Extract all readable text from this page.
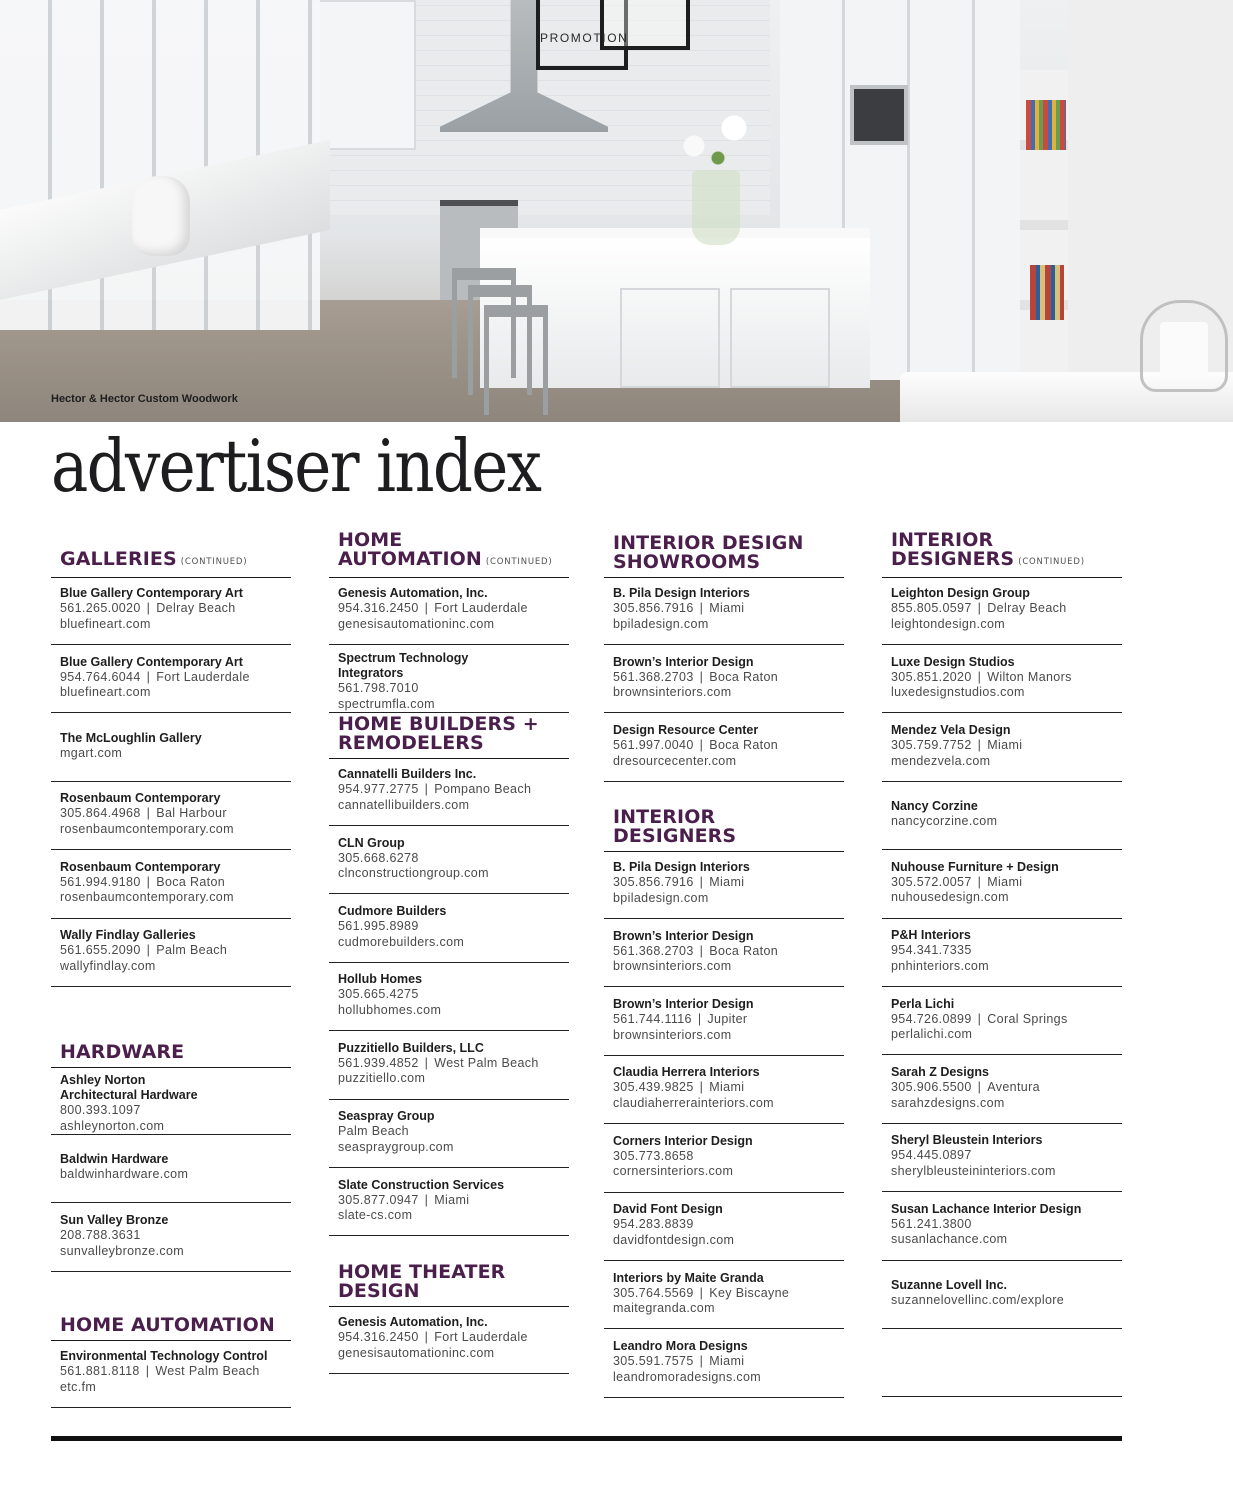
PROMOTION
Hector & Hector Custom Woodwork
advertiser index
GALLERIES (CONTINUED)
Blue Gallery Contemporary Art
561.265.0020 | Delray Beach
bluefineart.com
Blue Gallery Contemporary Art
954.764.6044 | Fort Lauderdale
bluefineart.com
The McLoughlin Gallery
mgart.com
Rosenbaum Contemporary
305.864.4968 | Bal Harbour
rosenbaumcontemporary.com
Rosenbaum Contemporary
561.994.9180 | Boca Raton
rosenbaumcontemporary.com
Wally Findlay Galleries
561.655.2090 | Palm Beach
wallyfindlay.com
HARDWARE
Ashley Norton
Architectural Hardware
800.393.1097
ashleynorton.com
Baldwin Hardware
baldwinhardware.com
Sun Valley Bronze
208.788.3631
sunvalleybronze.com
HOME AUTOMATION
Environmental Technology Control
561.881.8118 | West Palm Beach
etc.fm
HOME
AUTOMATION (CONTINUED)
Genesis Automation, Inc.
954.316.2450 | Fort Lauderdale
genesisautomationinc.com
Spectrum Technology
Integrators
561.798.7010
spectrumfla.com
HOME BUILDERS +
REMODELERS
Cannatelli Builders Inc.
954.977.2775 | Pompano Beach
cannatellibuilders.com
CLN Group
305.668.6278
clnconstructiongroup.com
Cudmore Builders
561.995.8989
cudmorebuilders.com
Hollub Homes
305.665.4275
hollubhomes.com
Puzzitiello Builders, LLC
561.939.4852 | West Palm Beach
puzzitiello.com
Seaspray Group
Palm Beach
seasprаygroup.com
Slate Construction Services
305.877.0947 | Miami
slate-cs.com
HOME THEATER
DESIGN
Genesis Automation, Inc.
954.316.2450 | Fort Lauderdale
genesisautomationinc.com
INTERIOR DESIGN
SHOWROOMS
B. Pila Design Interiors
305.856.7916 | Miami
bpiladesign.com
Brown’s Interior Design
561.368.2703 | Boca Raton
brownsinteriors.com
Design Resource Center
561.997.0040 | Boca Raton
dresourcecenter.com
INTERIOR DESIGNERS
B. Pila Design Interiors
305.856.7916 | Miami
bpiladesign.com
Brown’s Interior Design
561.368.2703 | Boca Raton
brownsinteriors.com
Brown’s Interior Design
561.744.1116 | Jupiter
brownsinteriors.com
Claudia Herrera Interiors
305.439.9825 | Miami
claudiaherrerainteriors.com
Corners Interior Design
305.773.8658
cornersinteriors.com
David Font Design
954.283.8839
davidfontdesign.com
Interiors by Maite Granda
305.764.5569 | Key Biscayne
maitegranda.com
Leandro Mora Designs
305.591.7575 | Miami
leandromoradesigns.com
INTERIOR
DESIGNERS (CONTINUED)
Leighton Design Group
855.805.0597 | Delray Beach
leightondesign.com
Luxe Design Studios
305.851.2020 | Wilton Manors
luxedesignstudios.com
Mendez Vela Design
305.759.7752 | Miami
mendezvela.com
Nancy Corzine
nancycorzine.com
Nuhouse Furniture + Design
305.572.0057 | Miami
nuhousedesign.com
P&H Interiors
954.341.7335
pnhinteriors.com
Perla Lichi
954.726.0899 | Coral Springs
perlalichi.com
Sarah Z Designs
305.906.5500 | Aventura
sarahzdesigns.com
Sheryl Bleustein Interiors
954.445.0897
sherylbleusteininteriors.com
Susan Lachance Interior Design
561.241.3800
susanlachance.com
Suzanne Lovell Inc.
suzannelovellinc.com/explore
